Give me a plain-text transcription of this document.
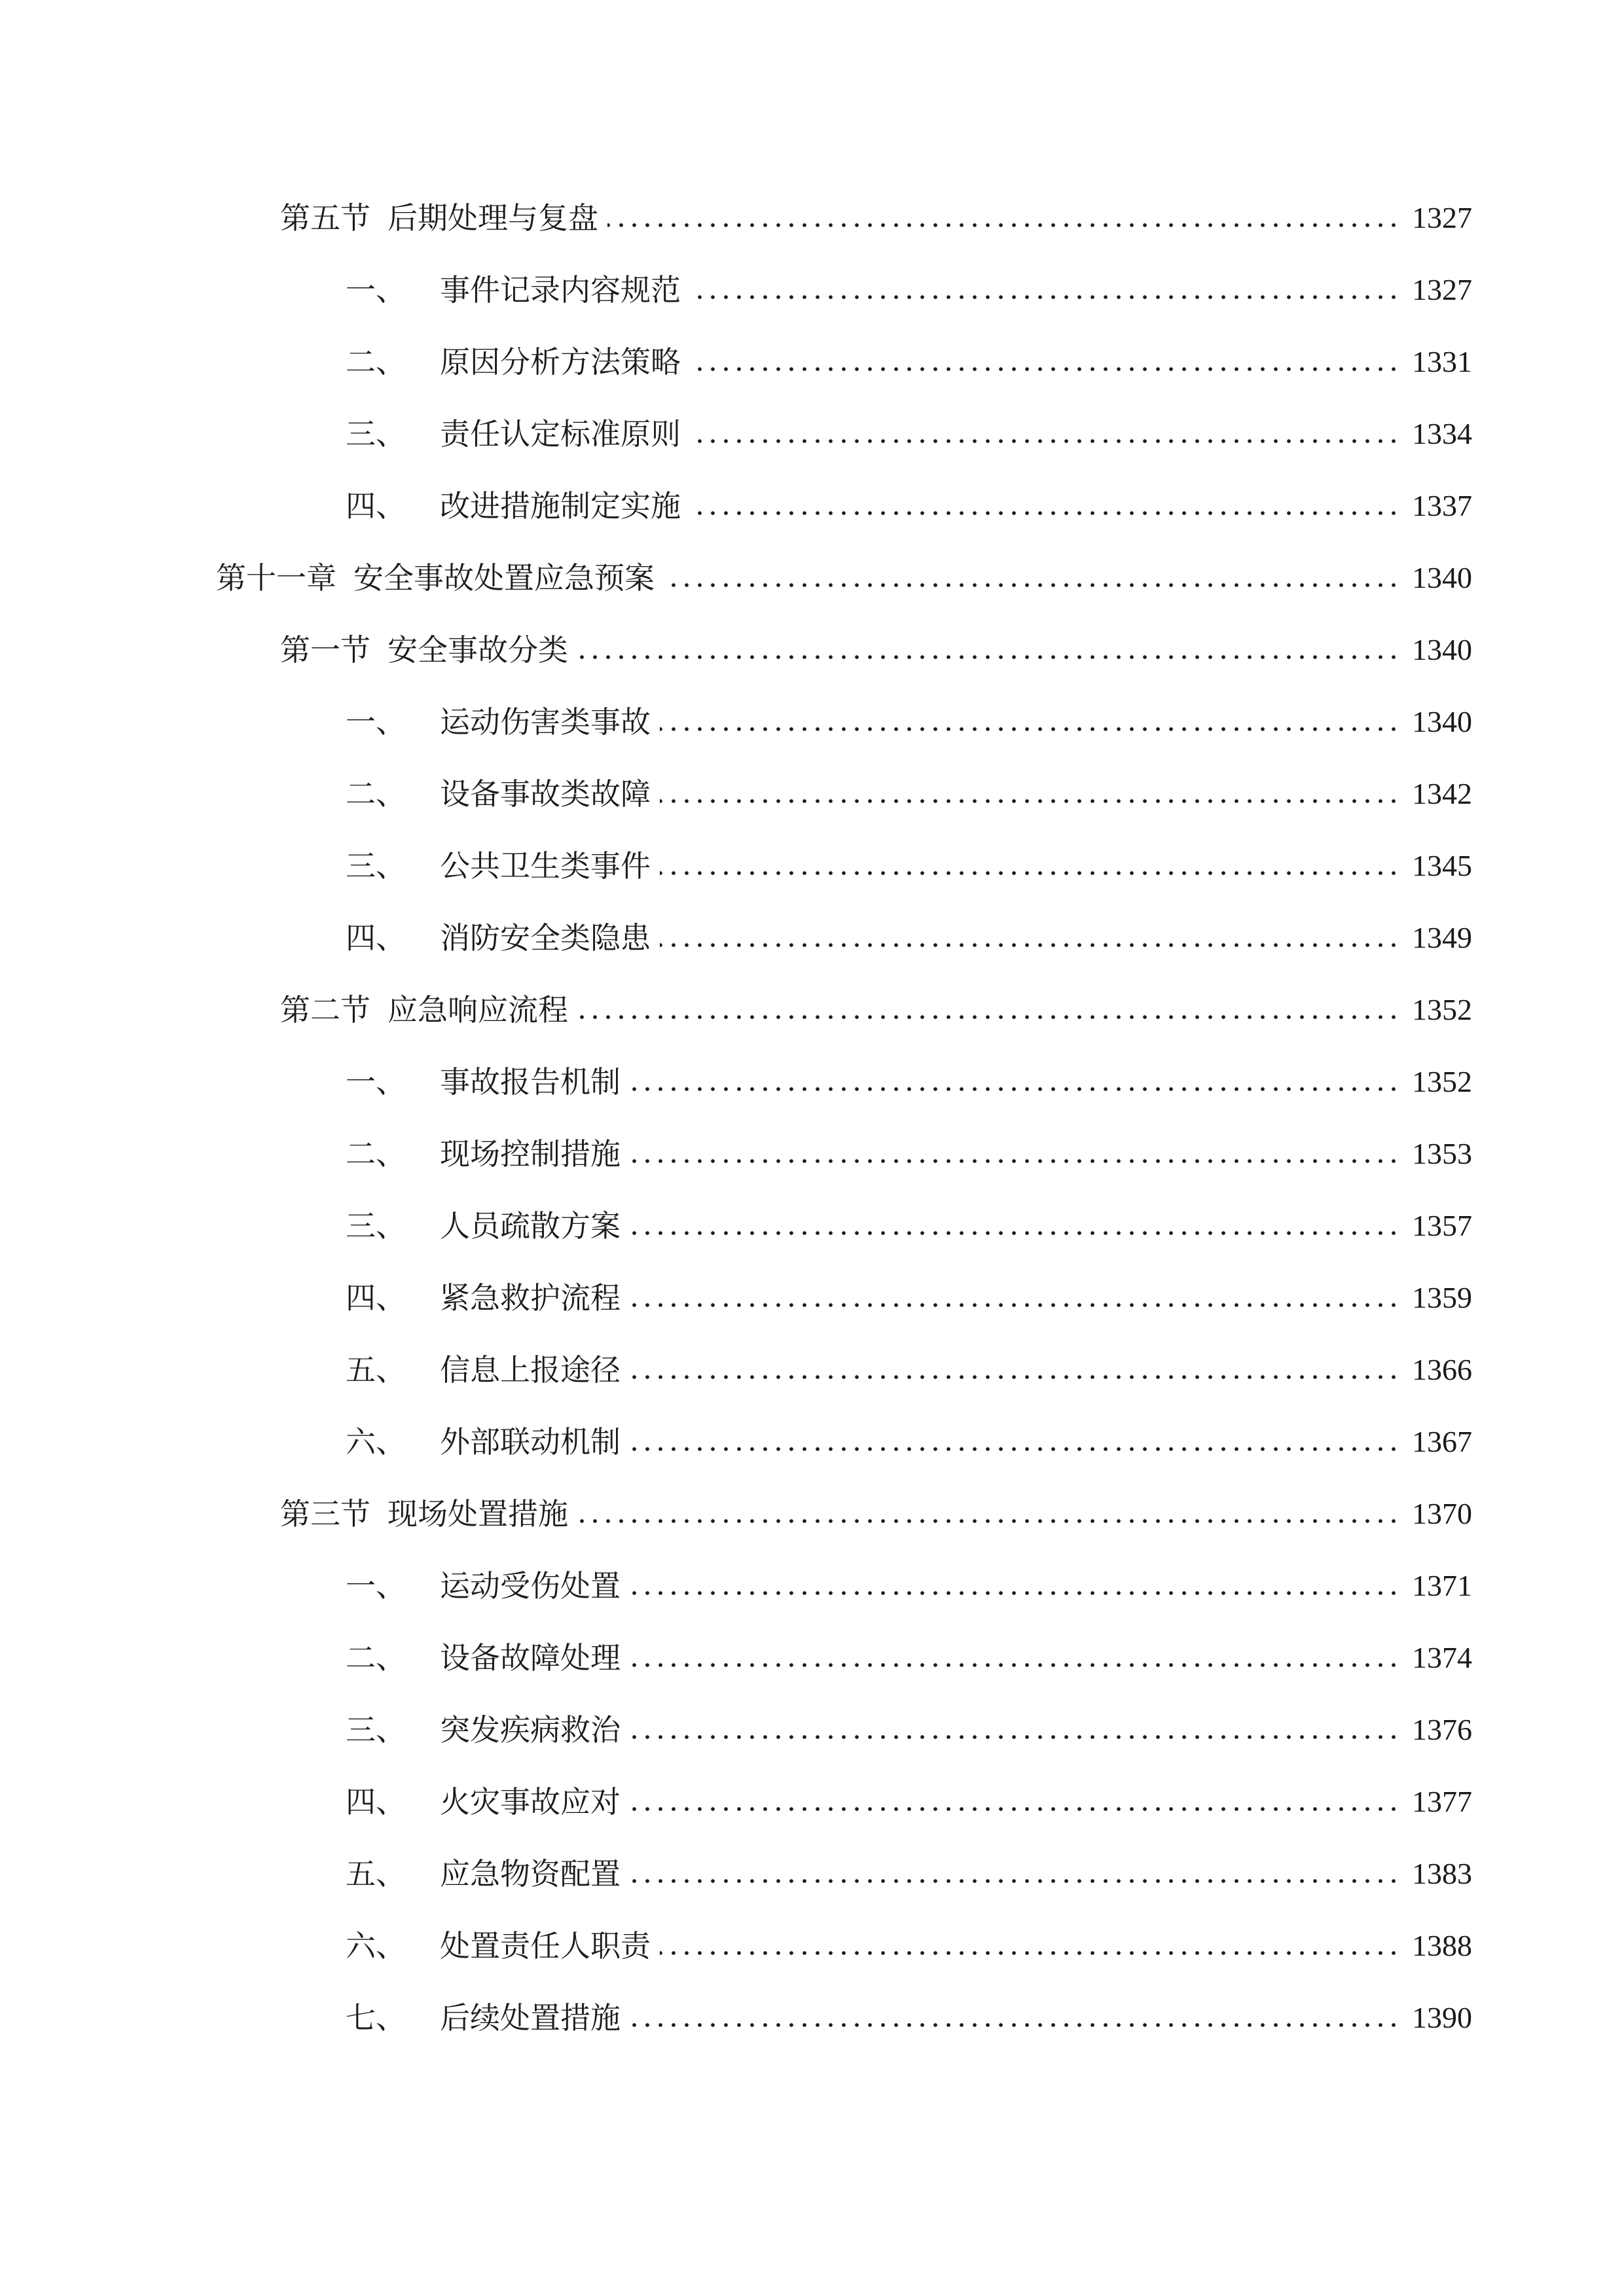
第五节 后期处理与复盘	1327
一、 事件记录内容规范	1327
二、 原因分析方法策略	1331
三、 责任认定标准原则	1334
四、 改进措施制定实施	1337
第十一章 安全事故处置应急预案	1340
第一节 安全事故分类	1340
一、 运动伤害类事故	1340
二、 设备事故类故障	1342
三、 公共卫生类事件	1345
四、 消防安全类隐患	1349
第二节 应急响应流程	1352
一、 事故报告机制	1352
二、 现场控制措施	1353
三、 人员疏散方案	1357
四、 紧急救护流程	1359
五、 信息上报途径	1366
六、 外部联动机制	1367
第三节 现场处置措施	1370
一、 运动受伤处置	1371
二、 设备故障处理	1374
三、 突发疾病救治	1376
四、 火灾事故应对	1377
五、 应急物资配置	1383
六、 处置责任人职责	1388
七、 后续处置措施	1390
